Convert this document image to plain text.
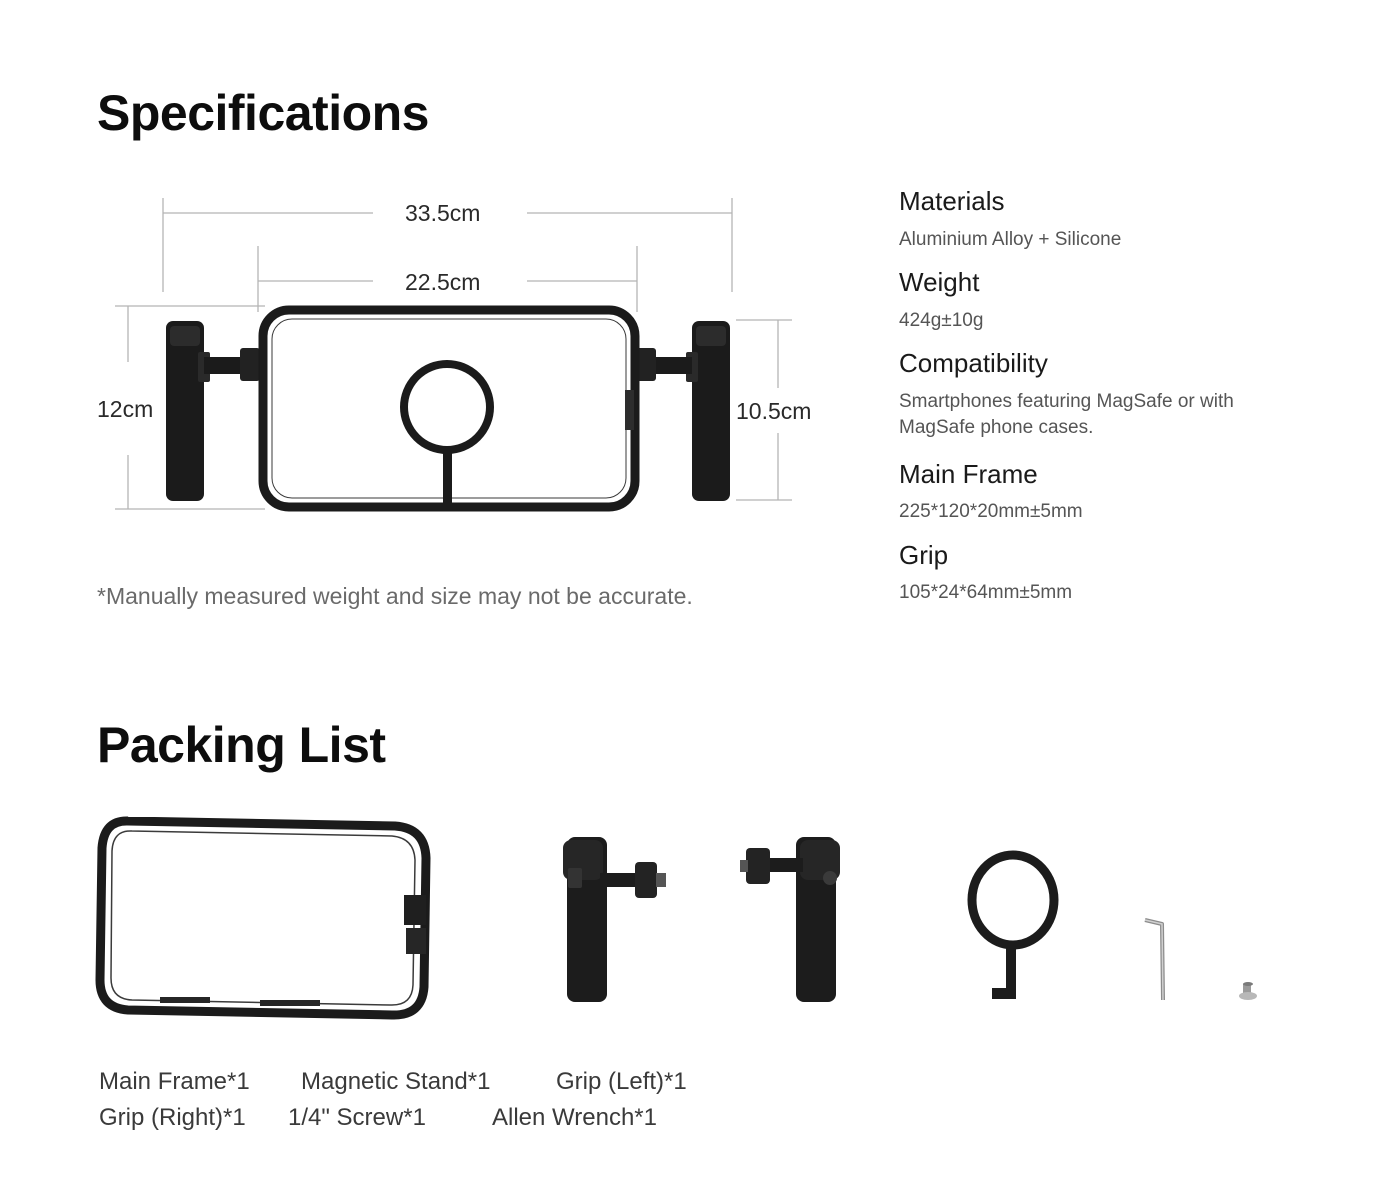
Specifications
33.5cm
22.5cm
12cm	10.5cm
*Manually measured weight and size may not be accurate.
Materials
Aluminium Alloy + Silicone
Weight
424g±10g
Compatibility
Smartphones featuring MagSafe or with
MagSafe phone cases.
Main Frame
225*120*20mm±5mm
Grip
105*24*64mm±5mm
Packing List
Main Frame*1 Magnetic Stand*1	Grip (Left)*1
Grip (Right)*1 1/4" Screw*1	Allen Wrench*1
